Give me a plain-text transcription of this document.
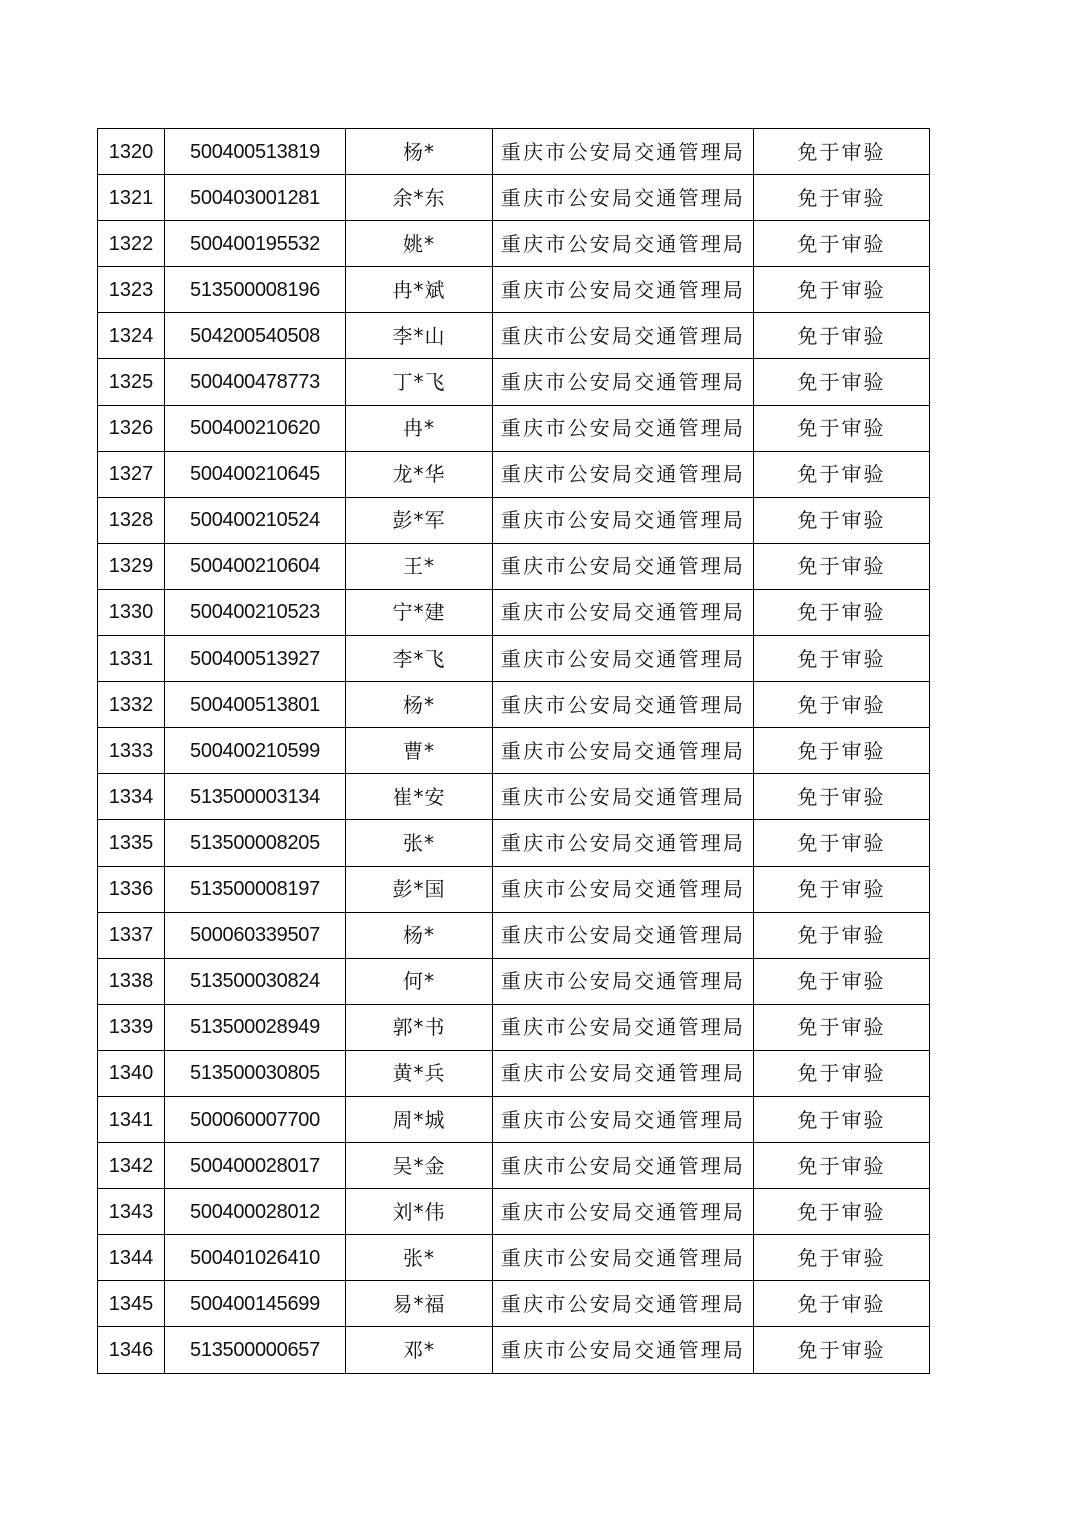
1320	500400513819	杨*	重庆市公安局交通管理局	免于审验
1321	500403001281	余*东	重庆市公安局交通管理局	免于审验
1322	500400195532	姚*	重庆市公安局交通管理局	免于审验
1323	513500008196	冉*斌	重庆市公安局交通管理局	免于审验
1324	504200540508	李*山	重庆市公安局交通管理局	免于审验
1325	500400478773	丁*飞	重庆市公安局交通管理局	免于审验
1326	500400210620	冉*	重庆市公安局交通管理局	免于审验
1327	500400210645	龙*华	重庆市公安局交通管理局	免于审验
1328	500400210524	彭*军	重庆市公安局交通管理局	免于审验
1329	500400210604	王*	重庆市公安局交通管理局	免于审验
1330	500400210523	宁*建	重庆市公安局交通管理局	免于审验
1331	500400513927	李*飞	重庆市公安局交通管理局	免于审验
1332	500400513801	杨*	重庆市公安局交通管理局	免于审验
1333	500400210599	曹*	重庆市公安局交通管理局	免于审验
1334	513500003134	崔*安	重庆市公安局交通管理局	免于审验
1335	513500008205	张*	重庆市公安局交通管理局	免于审验
1336	513500008197	彭*国	重庆市公安局交通管理局	免于审验
1337	500060339507	杨*	重庆市公安局交通管理局	免于审验
1338	513500030824	何*	重庆市公安局交通管理局	免于审验
1339	513500028949	郭*书	重庆市公安局交通管理局	免于审验
1340	513500030805	黄*兵	重庆市公安局交通管理局	免于审验
1341	500060007700	周*城	重庆市公安局交通管理局	免于审验
1342	500400028017	吴*金	重庆市公安局交通管理局	免于审验
1343	500400028012	刘*伟	重庆市公安局交通管理局	免于审验
1344	500401026410	张*	重庆市公安局交通管理局	免于审验
1345	500400145699	易*福	重庆市公安局交通管理局	免于审验
1346	513500000657	邓*	重庆市公安局交通管理局	免于审验
